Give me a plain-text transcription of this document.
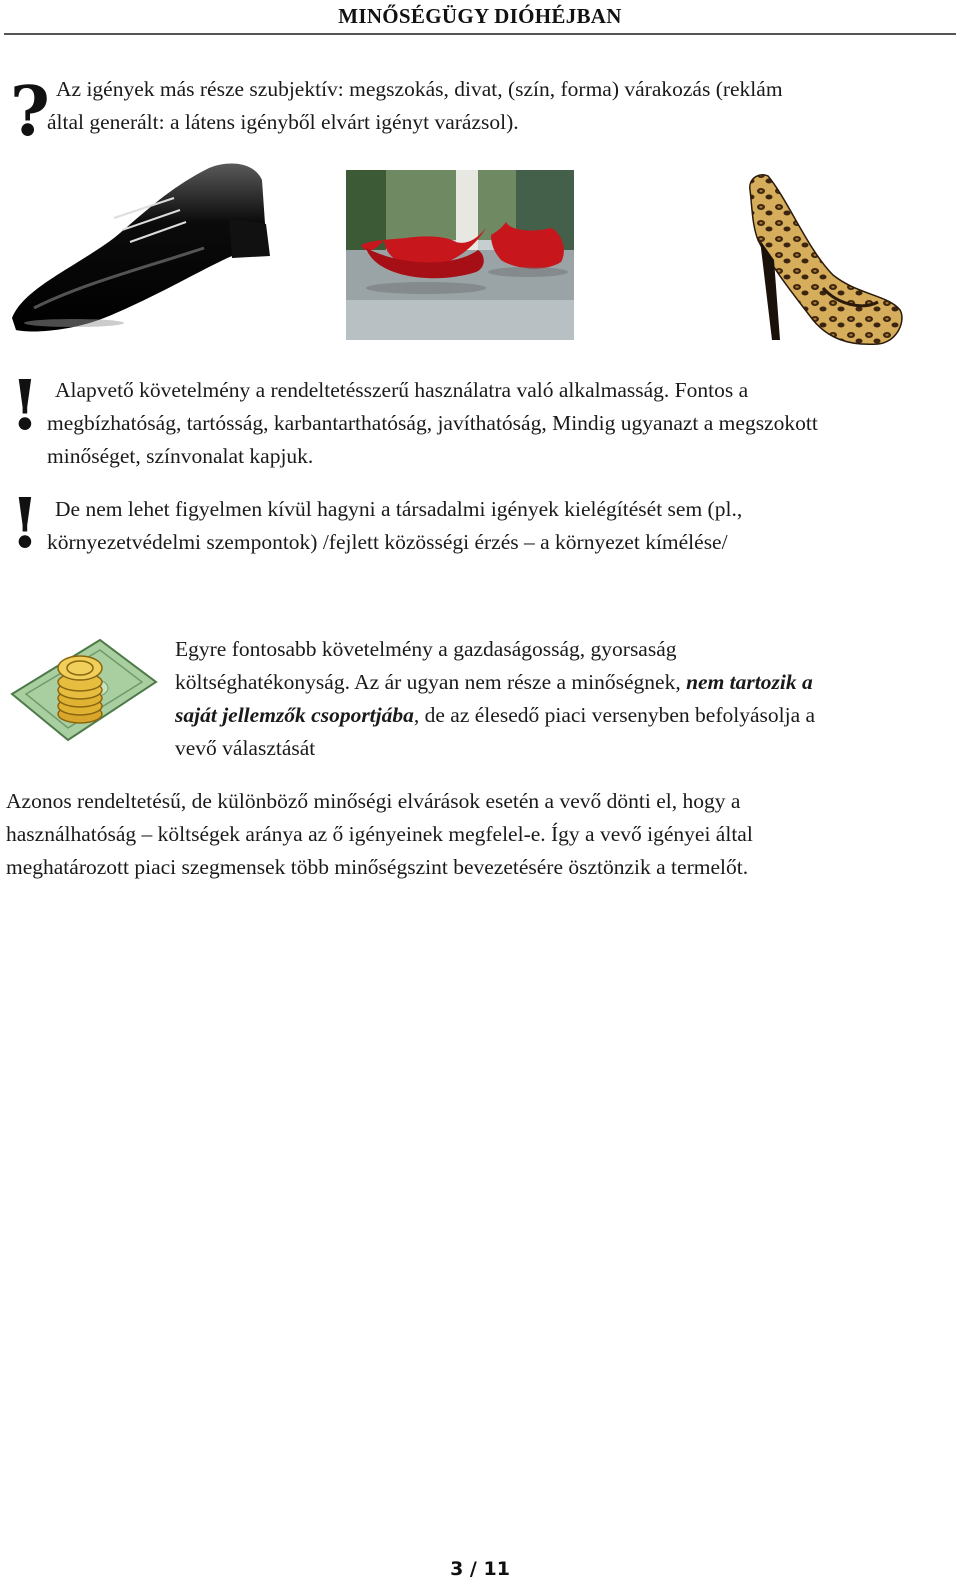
MINŐSÉGÜGY DIÓHÉJBAN
? Az igények más része szubjektív: megszokás, divat, (szín, forma) várakozás (reklám

által generált: a látens igényből elvárt igényt varázsol).

! Alapvető követelmény a rendeltetésszerű használatra való alkalmasság. Fontos a

megbízhatóság, tartósság, karbantarthatóság, javíthatóság, Mindig ugyanazt a megszokott

minőséget, színvonalat kapjuk.

! De nem lehet figyelmen kívül hagyni a társadalmi igények kielégítését sem (pl.,

környezetvédelmi szempontok) /fejlett közösségi érzés – a környezet kímélése/

Egyre fontosabb követelmény a gazdaságosság, gyorsaság

költséghatékonyság. Az ár ugyan nem része a minőségnek, nem tartozik a

saját jellemzők csoportjába, de az élesedő piaci versenyben befolyásolja a

vevő választását

Azonos rendeltetésű, de különböző minőségi elvárások esetén a vevő dönti el, hogy a

használhatóság – költségek aránya az ő igényeinek megfelel-e. Így a vevő igényei által

meghatározott piaci szegmensek több minőségszint bevezetésére ösztönzik a termelőt.

3 / 11
